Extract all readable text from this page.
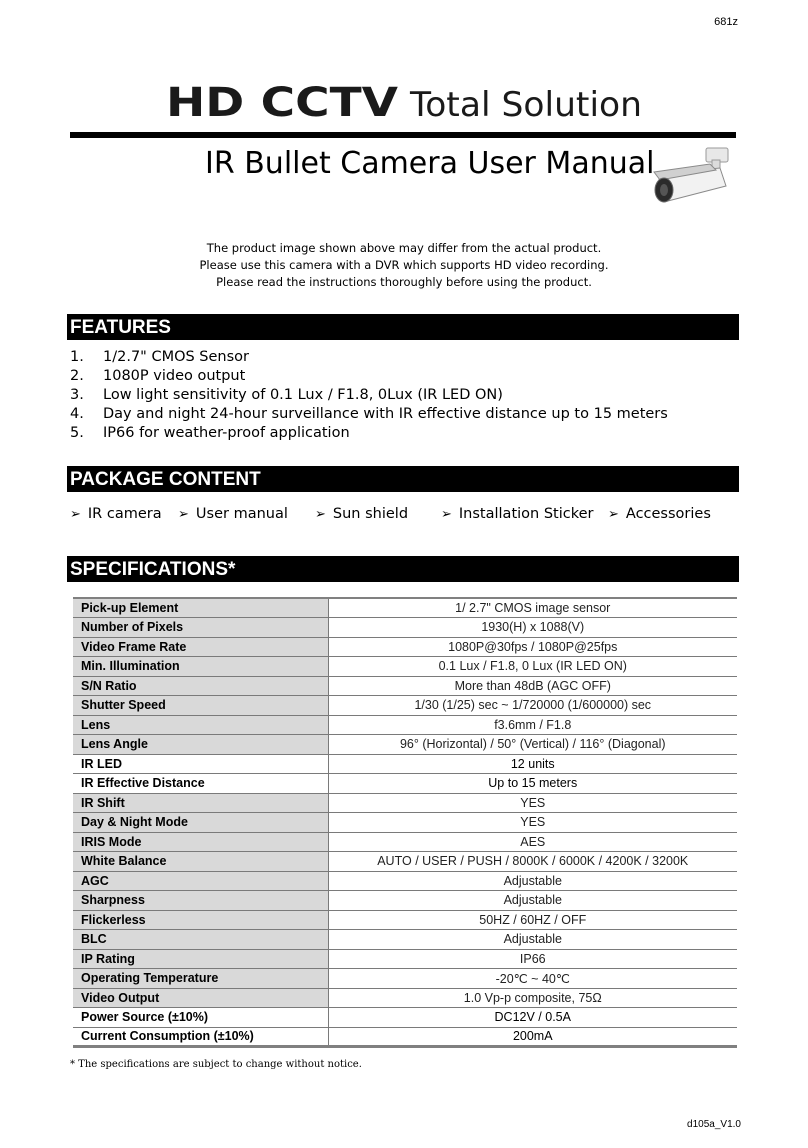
681z
HD CCTV Total Solution
IR Bullet Camera User Manual
The product image shown above may differ from the actual product.
Please use this camera with a DVR which supports HD video recording.
Please read the instructions thoroughly before using the product.
FEATURES
1. 1/2.7" CMOS Sensor
2. 1080P video output
3. Low light sensitivity of 0.1 Lux / F1.8, 0Lux (IR LED ON)
4. Day and night 24-hour surveillance with IR effective distance up to 15 meters
5. IP66 for weather-proof application
PACKAGE CONTENT
➢ IR camera ➢ User manual ➢ Sun shield	➢ Installation Sticker ➢ Accessories
SPECIFICATIONS*
Pick-up Element	1/ 2.7" CMOS image sensor
Number of Pixels	1930(H) x 1088(V)
Video Frame Rate	1080P@30fps / 1080P@25fps
Min. Illumination	0.1 Lux / F1.8, 0 Lux (IR LED ON)
S/N Ratio	More than 48dB (AGC OFF)
Shutter Speed	1/30 (1/25) sec ~ 1/720000 (1/600000) sec
Lens	f3.6mm / F1.8
Lens Angle	96° (Horizontal) / 50° (Vertical) / 116° (Diagonal)
IR LED	12 units
IR Effective Distance	Up to 15 meters
IR Shift	YES
Day & Night Mode	YES
IRIS Mode	AES
White Balance	AUTO / USER / PUSH / 8000K / 6000K / 4200K / 3200K
AGC	Adjustable
Sharpness	Adjustable
Flickerless	50HZ / 60HZ / OFF
BLC	Adjustable
IP Rating	IP66
Operating Temperature	-20℃ ~ 40℃
Video Output	1.0 Vp-p composite, 75Ω
Power Source (±10%)	DC12V / 0.5A
Current Consumption (±10%)	200mA
* The specifications are subject to change without notice.
d105a_V1.0
